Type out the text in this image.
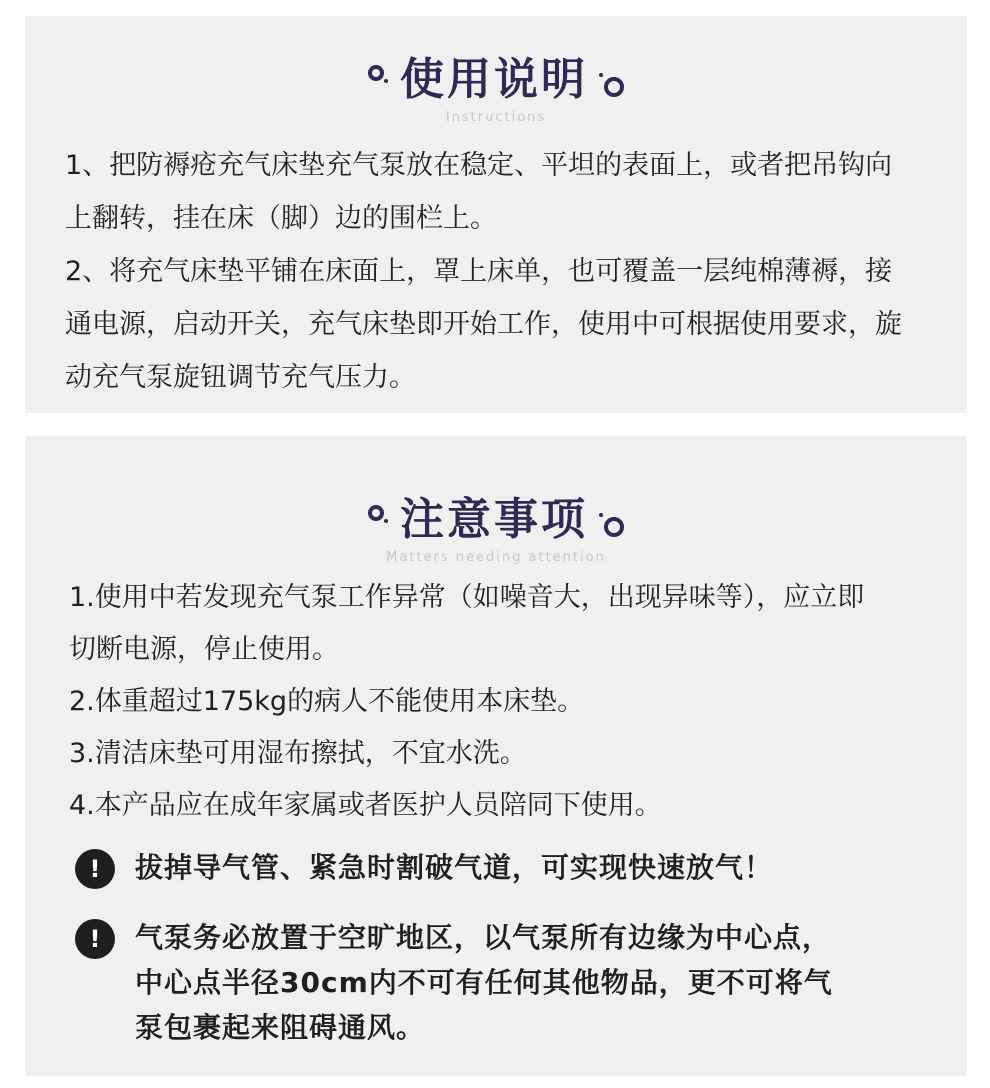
使用说明
Instructions

1、把防褥疮充气床垫充气泵放在稳定、平坦的表面上，或者把吊钩向

上翻转，挂在床（脚）边的围栏上。

2、将充气床垫平铺在床面上，罩上床单，也可覆盖一层纯棉薄褥，接

通电源，启动开关，充气床垫即开始工作，使用中可根据使用要求，旋

动充气泵旋钮调节充气压力。

注意事项
Matters needing attention

1.使用中若发现充气泵工作异常（如噪音大，出现异味等），应立即

切断电源，停止使用。

2.体重超过175kg的病人不能使用本床垫。

3.清洁床垫可用湿布擦拭，不宜水洗。

4.本产品应在成年家属或者医护人员陪同下使用。

!	拔掉导气管、紧急时割破气道，可实现快速放气！
!	气泵务必放置于空旷地区，以气泵所有边缘为中心点，
中心点半径30cm内不可有任何其他物品，更不可将气
泵包裹起来阻碍通风。
